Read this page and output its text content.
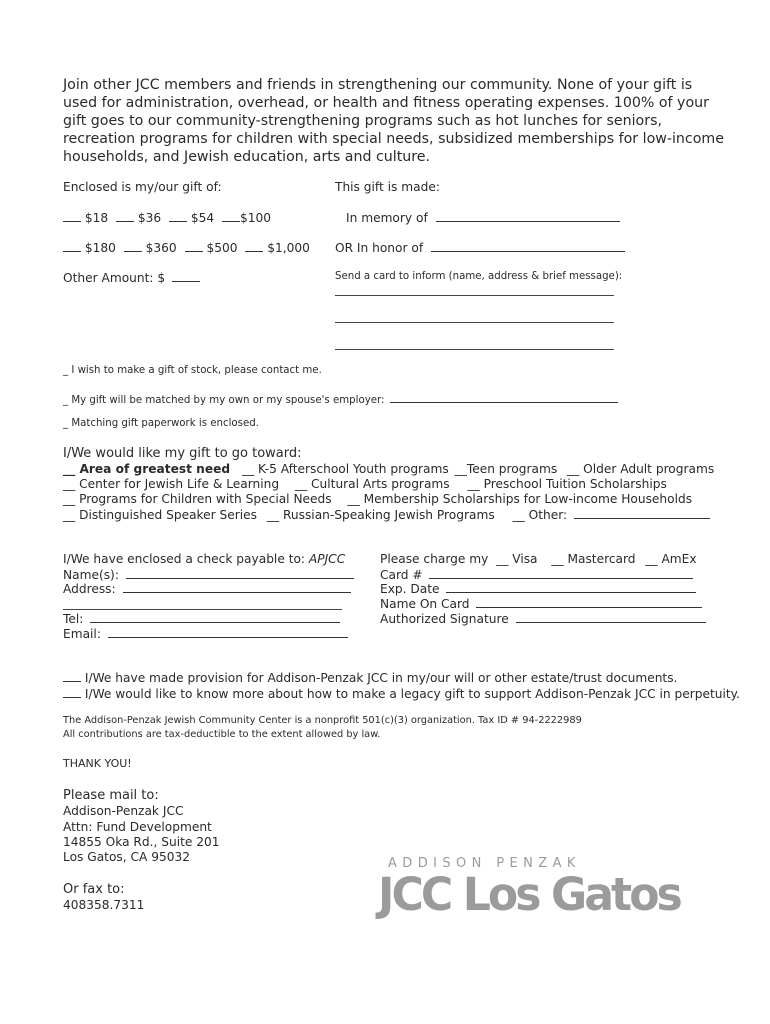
Join other JCC members and friends in strengthening our community. None of your gift is
used for administration, overhead, or health and fitness operating expenses. 100% of your
gift goes to our community-strengthening programs such as hot lunches for seniors,
recreation programs for children with special needs, subsidized memberships for low-income
households, and Jewish education, arts and culture.
Enclosed is my/our gift of:
$18 $36 $54 $100
$180 $360 $500 $1,000
Other Amount: $
This gift is made:
In memory of
OR In honor of
Send a card to inform (name, address & brief message):
_ I wish to make a gift of stock, please contact me.
_ My gift will be matched by my own or my spouse's employer:
_ Matching gift paperwork is enclosed.
I/We would like my gift to go toward:
__ Area of greatest need __ K-5 Afterschool Youth programs __Teen programs __ Older Adult programs
__ Center for Jewish Life & Learning __ Cultural Arts programs __ Preschool Tuition Scholarships
__ Programs for Children with Special Needs __ Membership Scholarships for Low-income Households
__ Distinguished Speaker Series __ Russian-Speaking Jewish Programs __ Other:
I/We have enclosed a check payable to: APJCC
Name(s):
Address:
Tel:
Email:
Please charge my __ Visa __ Mastercard __ AmEx
Card #
Exp. Date
Name On Card
Authorized Signature
I/We have made provision for Addison-Penzak JCC in my/our will or other estate/trust documents.
I/We would like to know more about how to make a legacy gift to support Addison-Penzak JCC in perpetuity.
The Addison-Penzak Jewish Community Center is a nonprofit 501(c)(3) organization. Tax ID # 94-2222989
All contributions are tax-deductible to the extent allowed by law.
THANK YOU!
Please mail to:
Addison-Penzak JCC
Attn: Fund Development
14855 Oka Rd., Suite 201
Los Gatos, CA 95032
Or fax to:
408358.7311
ADDISON PENZAK
JCC Los Gatos
